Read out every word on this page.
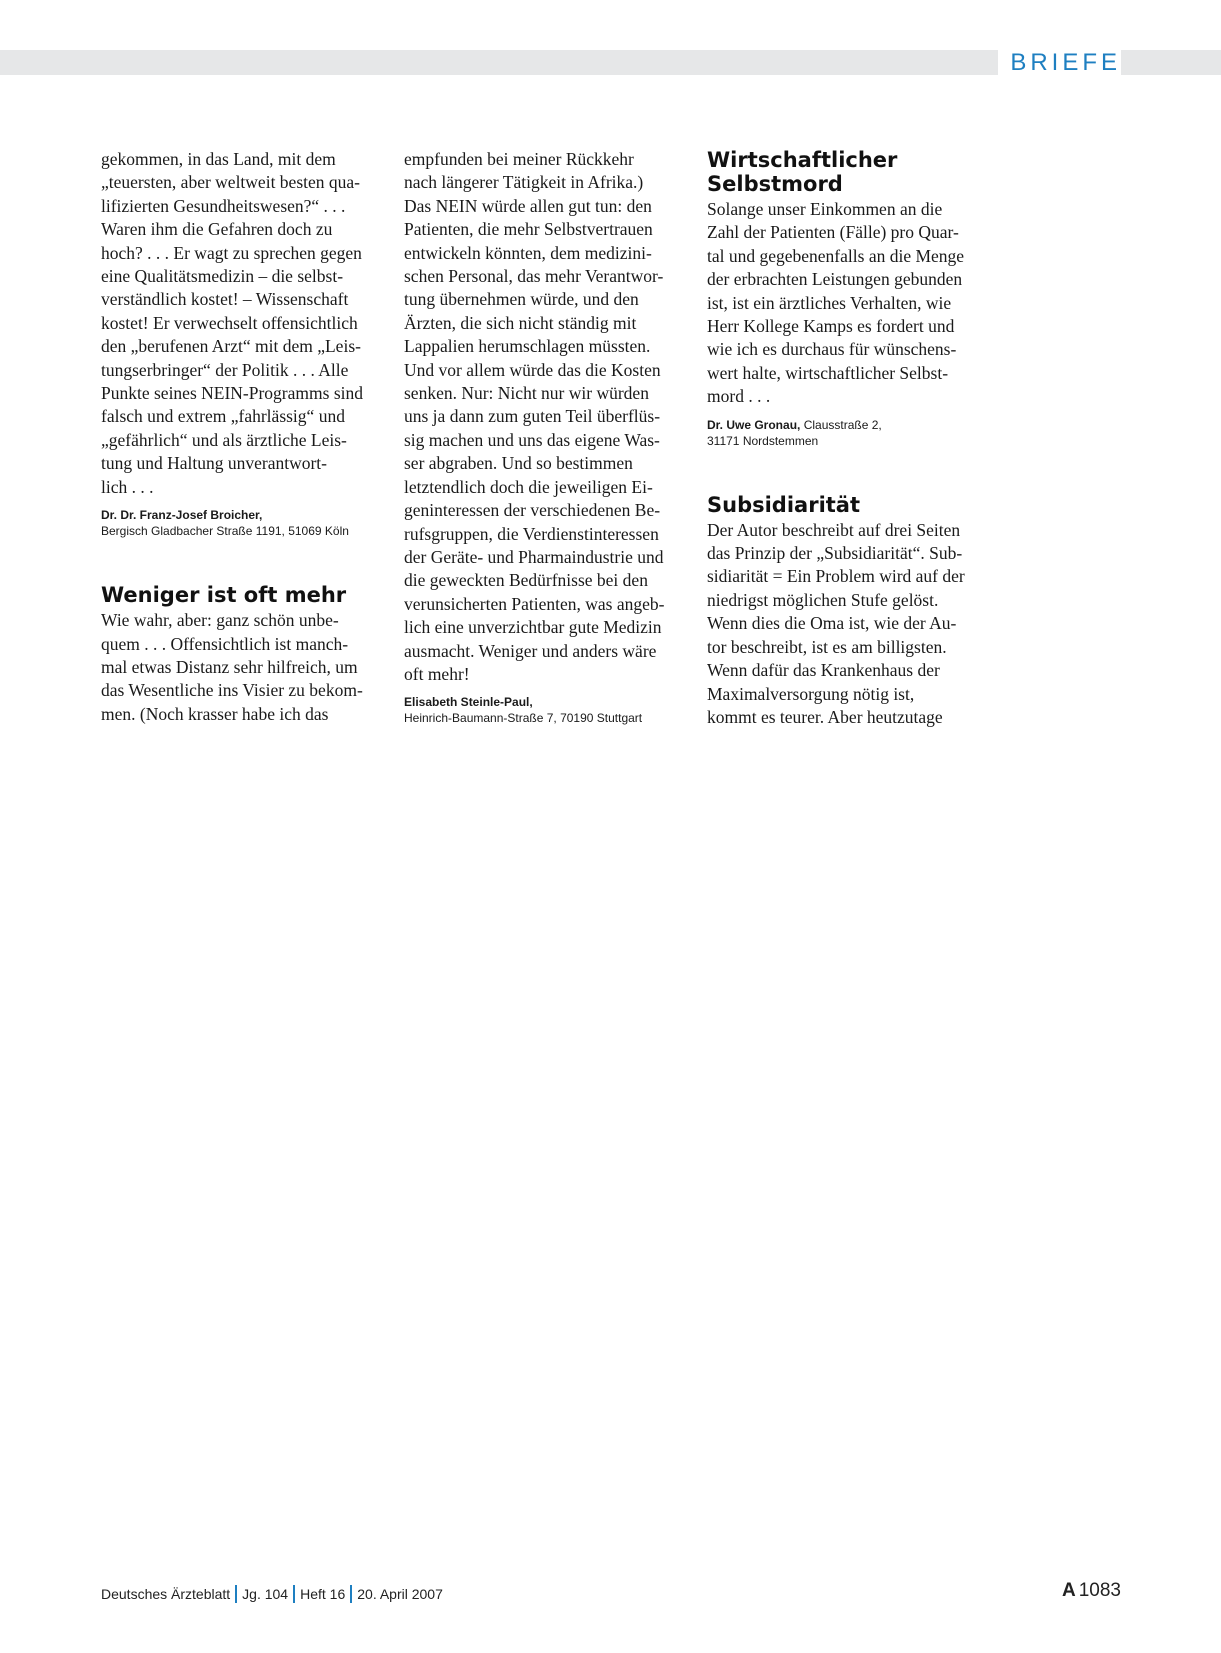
BRIEFE

gekommen, in das Land, mit dem
„teuersten, aber weltweit besten qua-
lifizierten Gesundheitswesen?“ . . .
Waren ihm die Gefahren doch zu
hoch? . . . Er wagt zu sprechen gegen
eine Qualitätsmedizin – die selbst-
verständlich kostet! – Wissenschaft
kostet! Er verwechselt offensichtlich
den „berufenen Arzt“ mit dem „Leis-
tungserbringer“ der Politik . . . Alle
Punkte seines NEIN-Programms sind
falsch und extrem „fahrlässig“ und
„gefährlich“ und als ärztliche Leis-
tung und Haltung unverantwort-
lich . . .

Dr. Dr. Franz-Josef Broicher,
Bergisch Gladbacher Straße 1191, 51069 Köln
Weniger ist oft mehr

Wie wahr, aber: ganz schön unbe-
quem . . . Offensichtlich ist manch-
mal etwas Distanz sehr hilfreich, um
das Wesentliche ins Visier zu bekom-
men. (Noch krasser habe ich das

empfunden bei meiner Rückkehr
nach längerer Tätigkeit in Afrika.)
Das NEIN würde allen gut tun: den
Patienten, die mehr Selbstvertrauen
entwickeln könnten, dem medizini-
schen Personal, das mehr Verantwor-
tung übernehmen würde, und den
Ärzten, die sich nicht ständig mit
Lappalien herumschlagen müssten.
Und vor allem würde das die Kosten
senken. Nur: Nicht nur wir würden
uns ja dann zum guten Teil überflüs-
sig machen und uns das eigene Was-
ser abgraben. Und so bestimmen
letztendlich doch die jeweiligen Ei-
geninteressen der verschiedenen Be-
rufsgruppen, die Verdienstinteressen
der Geräte- und Pharmaindustrie und
die geweckten Bedürfnisse bei den
verunsicherten Patienten, was angeb-
lich eine unverzichtbar gute Medizin
ausmacht. Weniger und anders wäre
oft mehr!

Elisabeth Steinle-Paul,
Heinrich-Baumann-Straße 7, 70190 Stuttgart
Wirtschaftlicher
Selbstmord

Solange unser Einkommen an die
Zahl der Patienten (Fälle) pro Quar-
tal und gegebenenfalls an die Menge
der erbrachten Leistungen gebunden
ist, ist ein ärztliches Verhalten, wie
Herr Kollege Kamps es fordert und
wie ich es durchaus für wünschens-
wert halte, wirtschaftlicher Selbst-
mord . . .

Dr. Uwe Gronau, Clausstraße 2,
31171 Nordstemmen
Subsidiarität

Der Autor beschreibt auf drei Seiten
das Prinzip der „Subsidiarität“. Sub-
sidiarität = Ein Problem wird auf der
niedrigst möglichen Stufe gelöst.
Wenn dies die Oma ist, wie der Au-
tor beschreibt, ist es am billigsten.
Wenn dafür das Krankenhaus der
Maximalversorgung nötig ist,
kommt es teurer. Aber heutzutage

Deutsches Ärzteblatt Jg. 104 Heft 16 20. April 2007	A 1083
